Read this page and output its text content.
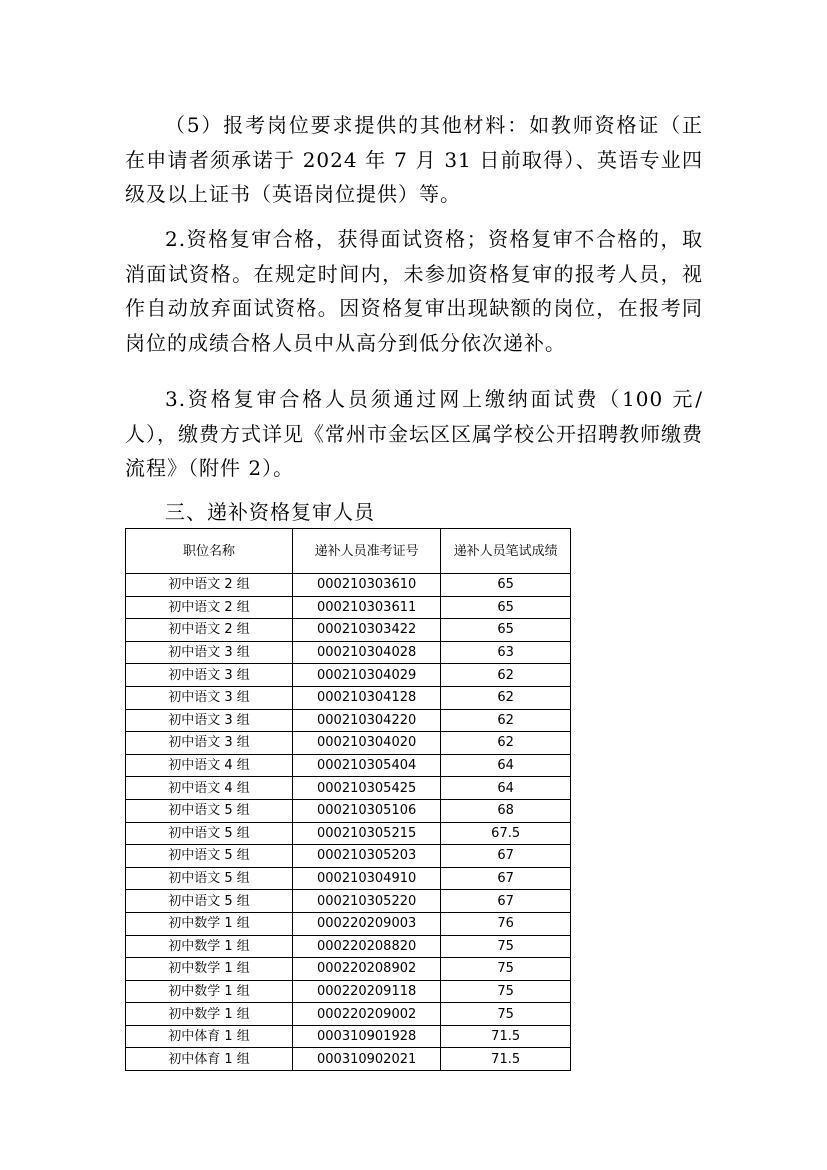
（5）报考岗位要求提供的其他材料：如教师资格证（正在申请者须承诺于 2024 年 7 月 31 日前取得）、英语专业四级及以上证书（英语岗位提供）等。

2.资格复审合格，获得面试资格；资格复审不合格的，取消面试资格。在规定时间内，未参加资格复审的报考人员，视作自动放弃面试资格。因资格复审出现缺额的岗位，在报考同岗位的成绩合格人员中从高分到低分依次递补。

3.资格复审合格人员须通过网上缴纳面试费（100 元/人），缴费方式详见《常州市金坛区区属学校公开招聘教师缴费流程》（附件 2）。

三、递补资格复审人员
职位名称	递补人员准考证号	递补人员笔试成绩
初中语文 2 组	000210303610	65
初中语文 2 组	000210303611	65
初中语文 2 组	000210303422	65
初中语文 3 组	000210304028	63
初中语文 3 组	000210304029	62
初中语文 3 组	000210304128	62
初中语文 3 组	000210304220	62
初中语文 3 组	000210304020	62
初中语文 4 组	000210305404	64
初中语文 4 组	000210305425	64
初中语文 5 组	000210305106	68
初中语文 5 组	000210305215	67.5
初中语文 5 组	000210305203	67
初中语文 5 组	000210304910	67
初中语文 5 组	000210305220	67
初中数学 1 组	000220209003	76
初中数学 1 组	000220208820	75
初中数学 1 组	000220208902	75
初中数学 1 组	000220209118	75
初中数学 1 组	000220209002	75
初中体育 1 组	000310901928	71.5
初中体育 1 组	000310902021	71.5
